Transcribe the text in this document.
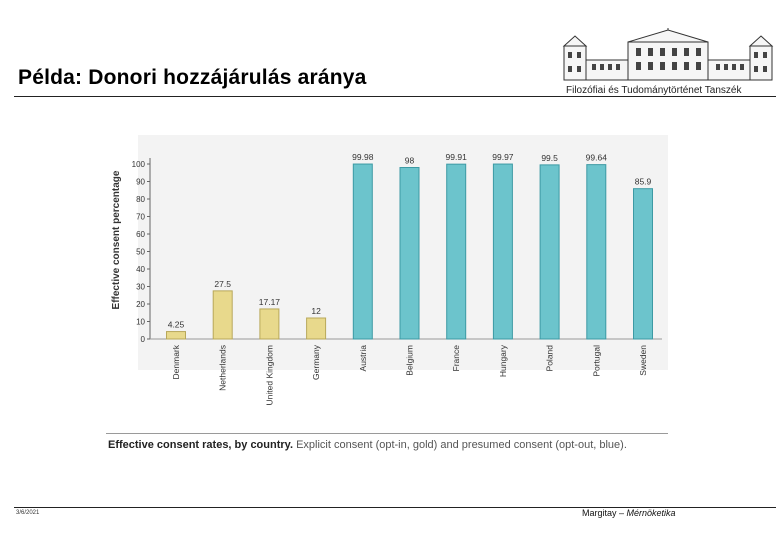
Példa: Donori hozzájárulás aránya
Filozófiai és Tudománytörténet Tanszék
0
10
20
30
40
50
60
70
80
90
100
Effective consent percentage
4.25
Denmark
27.5
Netherlands
17.17
United Kingdom
12
Germany
99.98
Austria
98
Belgium
99.91
France
99.97
Hungary
99.5
Poland
99.64
Portugal
85.9
Sweden
Effective consent rates, by country. Explicit consent (opt-in, gold) and presumed consent (opt-out, blue).
3/6/2021	Margitay – Mérnöketika
